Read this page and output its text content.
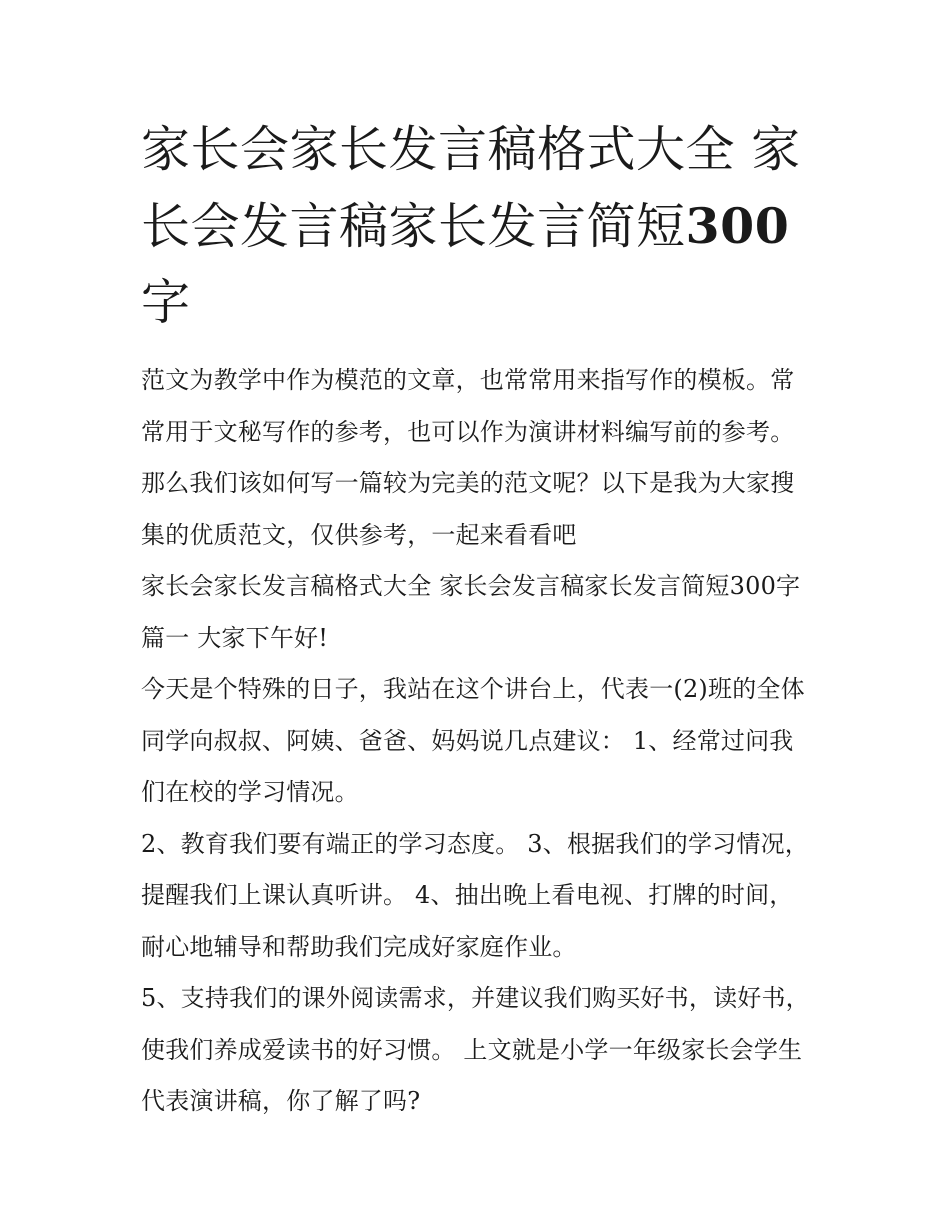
家长会家长发言稿格式大全 家长会发言稿家长发言简短300字

范文为教学中作为模范的文章，也常常用来指写作的模板。常常用于文秘写作的参考，也可以作为演讲材料编写前的参考。那么我们该如何写一篇较为完美的范文呢？以下是我为大家搜集的优质范文，仅供参考，一起来看看吧

家长会家长发言稿格式大全 家长会发言稿家长发言简短300字篇一 大家下午好!

今天是个特殊的日子，我站在这个讲台上，代表一(2)班的全体同学向叔叔、阿姨、爸爸、妈妈说几点建议： 1、经常过问我们在校的学习情况。

2、教育我们要有端正的学习态度。 3、根据我们的学习情况，提醒我们上课认真听讲。 4、抽出晚上看电视、打牌的时间，耐心地辅导和帮助我们完成好家庭作业。

5、支持我们的课外阅读需求，并建议我们购买好书，读好书，使我们养成爱读书的好习惯。 上文就是小学一年级家长会学生代表演讲稿，你了解了吗?
